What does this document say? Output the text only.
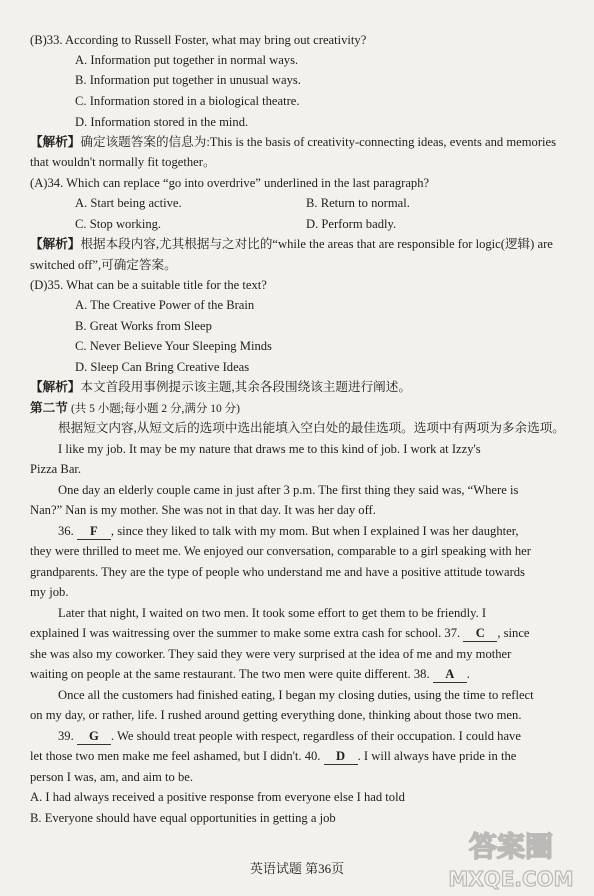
(B)33. According to Russell Foster, what may bring out creativity?
A. Information put together in normal ways.
B. Information put together in unusual ways.
C. Information stored in a biological theatre.
D. Information stored in the mind.
【解析】确定该题答案的信息为:This is the basis of creativity-connecting ideas, events and memories
that wouldn't normally fit together。
(A)34. Which can replace “go into overdrive” underlined in the last paragraph?
A. Start being active.	B. Return to normal.
C. Stop working.	D. Perform badly.
【解析】根据本段内容,尤其根据与之对比的“while the areas that are responsible for logic(逻辑) are
switched off”,可确定答案。
(D)35. What can be a suitable title for the text?
A. The Creative Power of the Brain
B. Great Works from Sleep
C. Never Believe Your Sleeping Minds
D. Sleep Can Bring Creative Ideas
【解析】本文首段用事例提示该主题,其余各段围绕该主题进行阐述。
第二节 (共 5 小题;每小题 2 分,满分 10 分)
根据短文内容,从短文后的选项中选出能填入空白处的最佳选项。选项中有两项为多余选项。
I like my job. It may be my nature that draws me to this kind of job. I work at Izzy's
Pizza Bar.
One day an elderly couple came in just after 3 p.m. The first thing they said was, “Where is
Nan?” Nan is my mother. She was not in that day. It was her day off.
36. F , since they liked to talk with my mom. But when I explained I was her daughter,
they were thrilled to meet me. We enjoyed our conversation, comparable to a girl speaking with her
grandparents. They are the type of people who understand me and have a positive attitude towards
my job.
Later that night, I waited on two men. It took some effort to get them to be friendly. I
explained I was waitressing over the summer to make some extra cash for school. 37. C , since
she was also my coworker. They said they were very surprised at the idea of me and my mother
waiting on people at the same restaurant. The two men were quite different. 38. A .
Once all the customers had finished eating, I began my closing duties, using the time to reflect
on my day, or rather, life. I rushed around getting everything done, thinking about those two men.
39. G . We should treat people with respect, regardless of their occupation. I could have
let those two men make me feel ashamed, but I didn't. 40. D . I will always have pride in the
person I was, am, and aim to be.
A. I had always received a positive response from everyone else I had told
B. Everyone should have equal opportunities in getting a job
英语试题 第36页
答案圈
MXQE.COM
